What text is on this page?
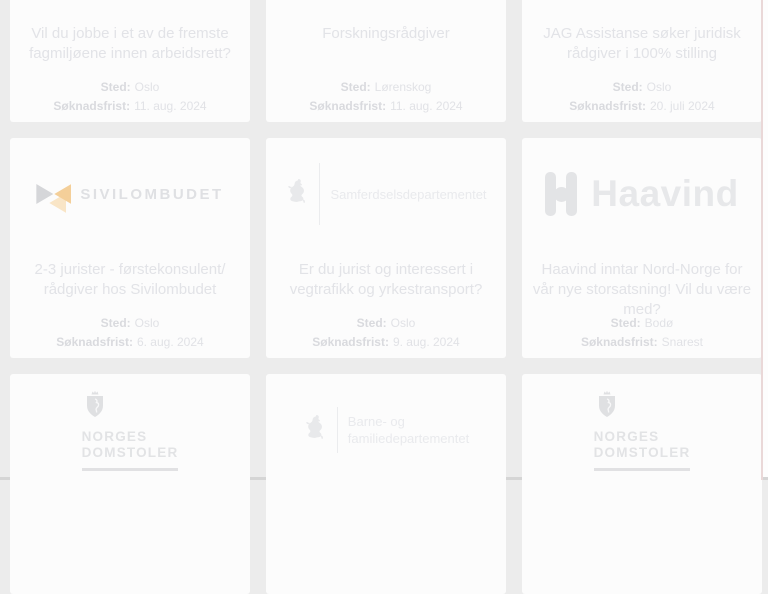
Vil du jobbe i et av de fremste fagmiljøene innen arbeidsrett?
Sted: Oslo
Søknadsfrist: 11. aug. 2024
Forskningsrådgiver
Sted: Lørenskog
Søknadsfrist: 11. aug. 2024
JAG Assistanse søker juridisk rådgiver i 100% stilling
Sted: Oslo
Søknadsfrist: 20. juli 2024
SIVILOMBUDET
2-3 jurister - førstekonsulent/​rådgiver hos Sivilombudet
Sted: Oslo
Søknadsfrist: 6. aug. 2024
Samferdselsdepartementet
Er du jurist og interessert i vegtrafikk og yrkestransport?
Sted: Oslo
Søknadsfrist: 9. aug. 2024
Haavind
Haavind inntar Nord-Norge for vår nye storsatsning! Vil du være med?
Sted: Bodø
Søknadsfrist: Snarest
NORGES
DOMSTOLER
Barne- og
familiedepartementet	NORGES
DOMSTOLER
